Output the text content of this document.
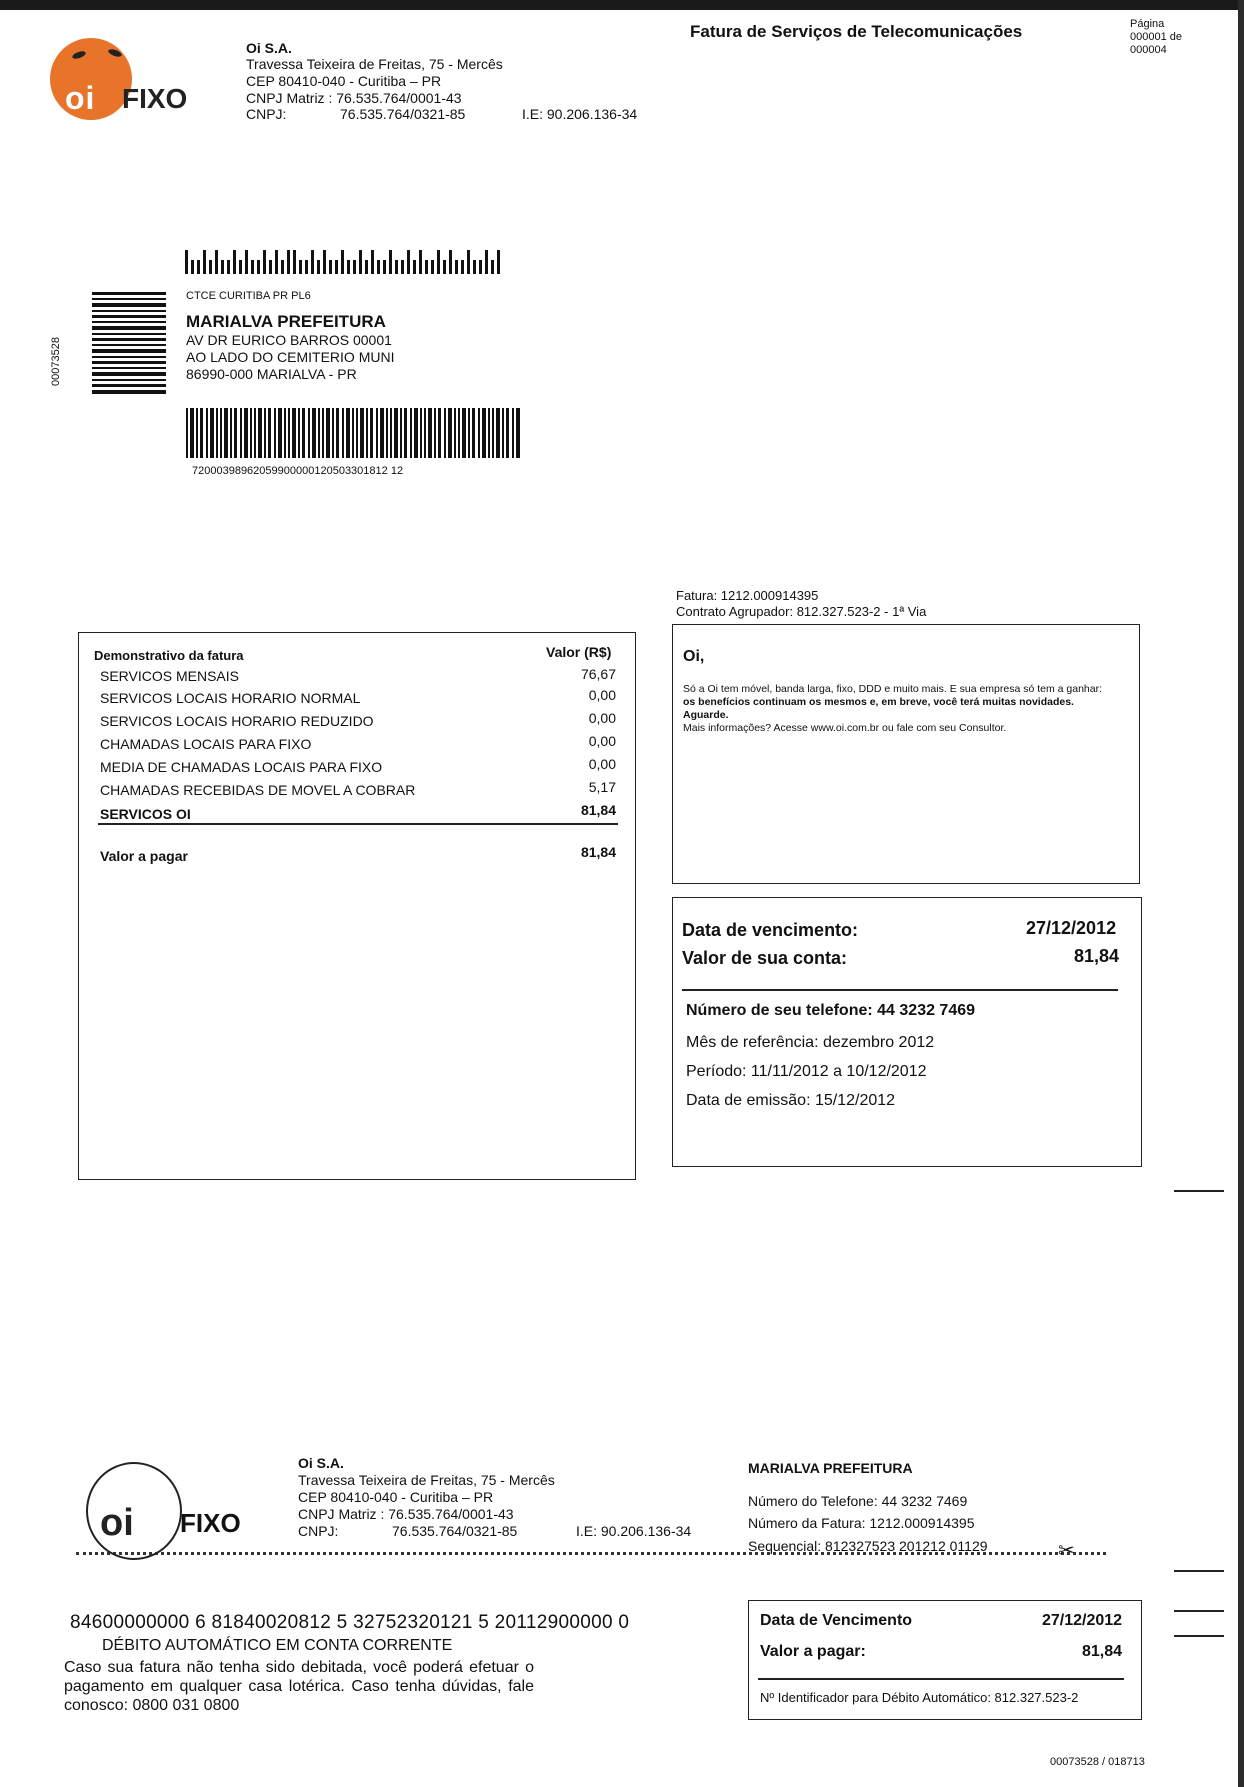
oi FIXO
Oi S.A.
Travessa Teixeira de Freitas, 75 - Mercês
CEP 80410-040 - Curitiba – PR
CNPJ Matriz : 76.535.764/0001-43
CNPJ:	76.535.764/0321-85	I.E: 90.206.136-34
Fatura de Serviços de Telecomunicações	Página
000001 de
000004
00073528
CTCE CURITIBA PR PL6
MARIALVA PREFEITURA
AV DR EURICO BARROS 00001
AO LADO DO CEMITERIO MUNI
86990-000 MARIALVA - PR
72000398962059900000120503301812 12
Fatura: 1212.000914395
Contrato Agrupador: 812.327.523-2 - 1ª Via
Demonstrativo da fatura	Valor (R$)
SERVICOS MENSAIS	76,67
SERVICOS LOCAIS HORARIO NORMAL	0,00
SERVICOS LOCAIS HORARIO REDUZIDO	0,00
CHAMADAS LOCAIS PARA FIXO	0,00
MEDIA DE CHAMADAS LOCAIS PARA FIXO	0,00
CHAMADAS RECEBIDAS DE MOVEL A COBRAR	5,17
SERVICOS OI	81,84
Valor a pagar	81,84
Oi,
Só a Oi tem móvel, banda larga, fixo, DDD e muito mais. E sua empresa só tem a ganhar: os benefícios continuam os mesmos e, em breve, você terá muitas novidades. Aguarde.
Mais informações? Acesse www.oi.com.br ou fale com seu Consultor.
Data de vencimento:	27/12/2012
Valor de sua conta:	81,84
Número de seu telefone: 44 3232 7469
Mês de referência: dezembro 2012
Período: 11/11/2012 a 10/12/2012
Data de emissão: 15/12/2012
✂
oi FIXO
Oi S.A.
Travessa Teixeira de Freitas, 75 - Mercês
CEP 80410-040 - Curitiba – PR
CNPJ Matriz : 76.535.764/0001-43
CNPJ:	76.535.764/0321-85	I.E: 90.206.136-34
MARIALVA PREFEITURA
Número do Telefone: 44 3232 7469
Número da Fatura: 1212.000914395
Sequencial: 812327523 201212 01129
Data de Vencimento	27/12/2012
Valor a pagar:	81,84
Nº Identificador para Débito Automático: 812.327.523-2
84600000000 6 81840020812 5 32752320121 5 20112900000 0
DÉBITO AUTOMÁTICO EM CONTA CORRENTE
Caso sua fatura não tenha sido debitada, você poderá efetuar o pagamento em qualquer casa lotérica. Caso tenha dúvidas, fale conosco: 0800 031 0800
00073528 / 018713
